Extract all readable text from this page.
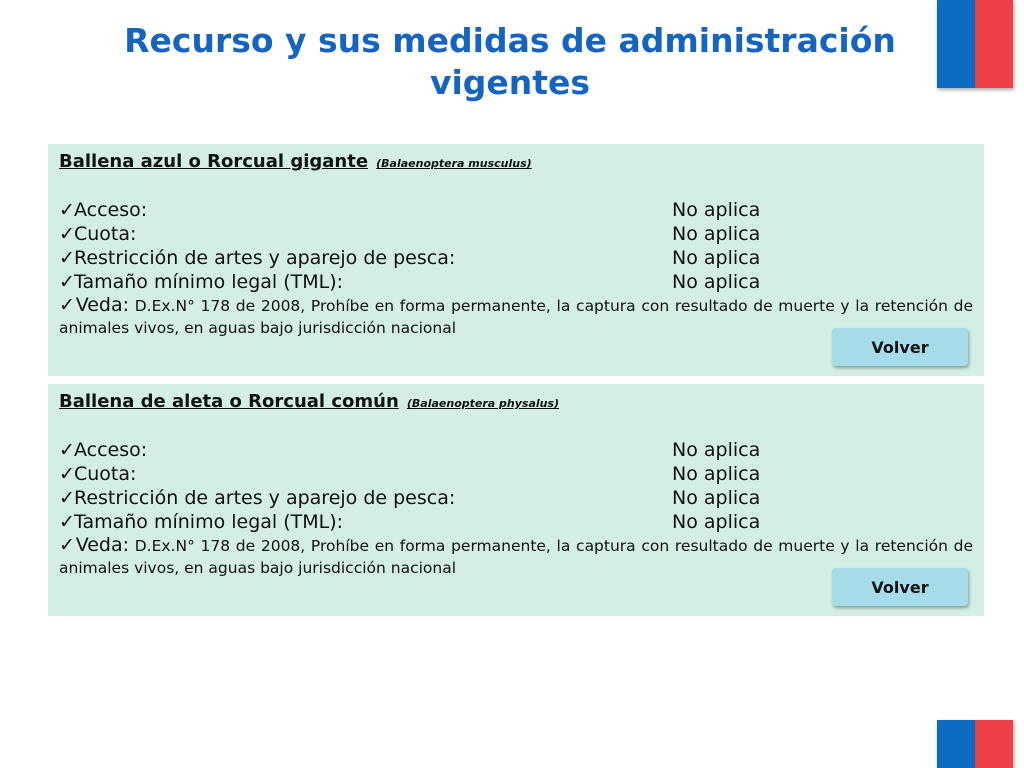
Recurso y sus medidas de administración
vigentes
Ballena azul o Rorcual gigante (Balaenoptera musculus)
✓Acceso:	No aplica
✓Cuota:	No aplica
✓Restricción de artes y aparejo de pesca:	No aplica
✓Tamaño mínimo legal (TML):	No aplica
✓Veda: D.Ex.N° 178 de 2008, Prohíbe en forma permanente, la captura con resultado de muerte y la retención de animales vivos, en aguas bajo jurisdicción nacional
Volver
Ballena de aleta o Rorcual común (Balaenoptera physalus)
✓Acceso:	No aplica
✓Cuota:	No aplica
✓Restricción de artes y aparejo de pesca:	No aplica
✓Tamaño mínimo legal (TML):	No aplica
✓Veda: D.Ex.N° 178 de 2008, Prohíbe en forma permanente, la captura con resultado de muerte y la retención de animales vivos, en aguas bajo jurisdicción nacional
Volver
